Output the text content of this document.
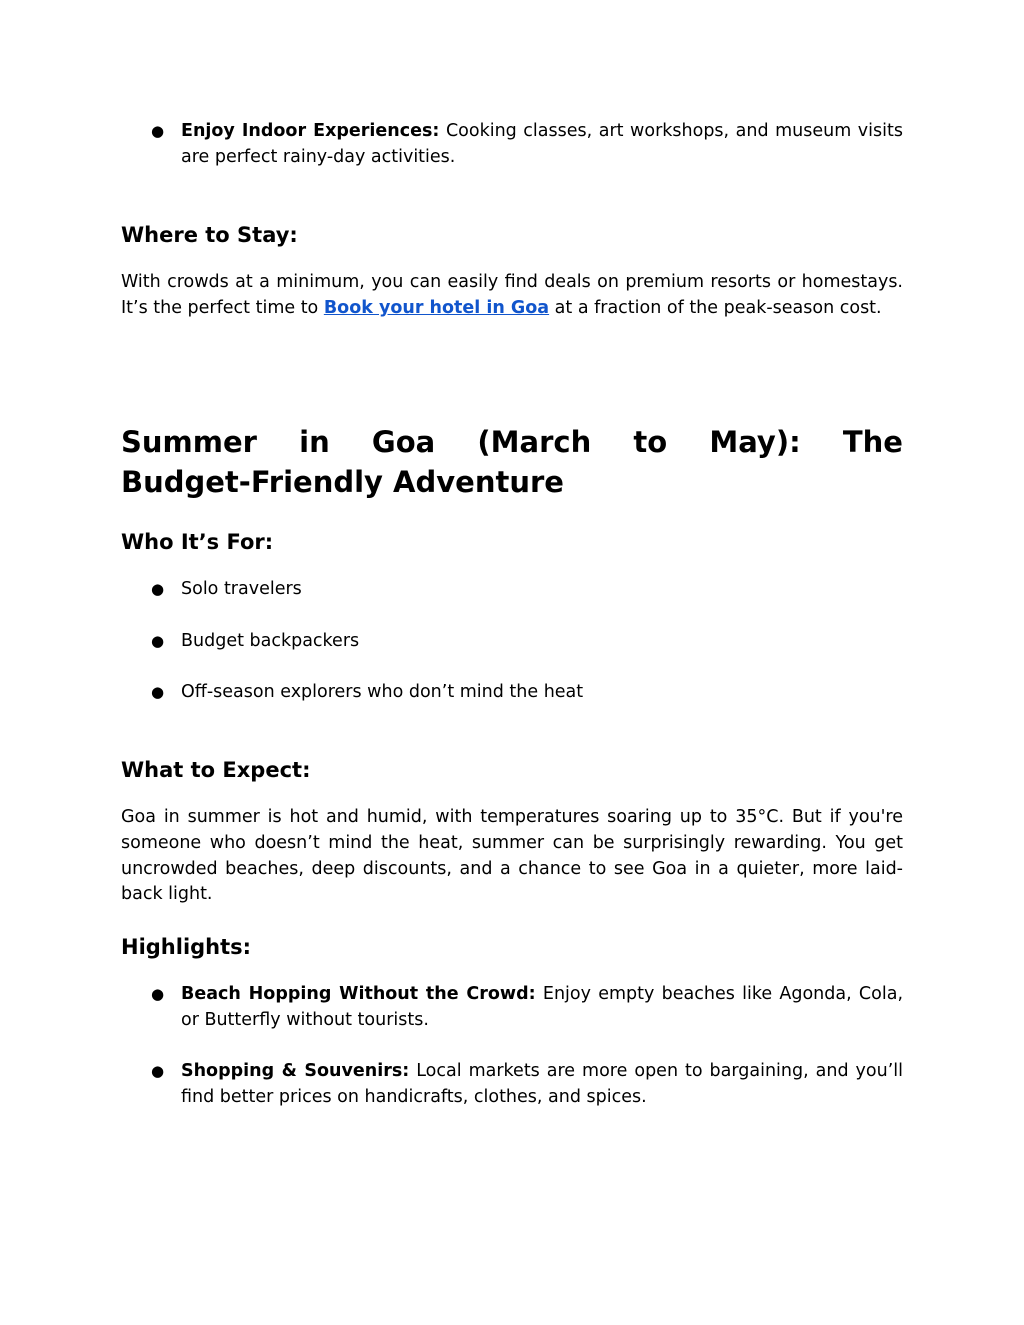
● Enjoy Indoor Experiences: Cooking classes, art workshops, and museum visits are perfect rainy-day activities.
Where to Stay:

With crowds at a minimum, you can easily find deals on premium resorts or homestays. It’s the perfect time to Book your hotel in Goa at a fraction of the peak-season cost.

Summer in Goa (March to May): The
Budget-Friendly Adventure
Who It’s For:
● Solo travelers
● Budget backpackers
● Off-season explorers who don’t mind the heat
What to Expect:

Goa in summer is hot and humid, with temperatures soaring up to 35°C. But if you're someone who doesn’t mind the heat, summer can be surprisingly rewarding. You get uncrowded beaches, deep discounts, and a chance to see Goa in a quieter, more laid-back light.

Highlights:
● Beach Hopping Without the Crowd: Enjoy empty beaches like Agonda, Cola, or Butterfly without tourists.
● Shopping & Souvenirs: Local markets are more open to bargaining, and you’ll find better prices on handicrafts, clothes, and spices.
